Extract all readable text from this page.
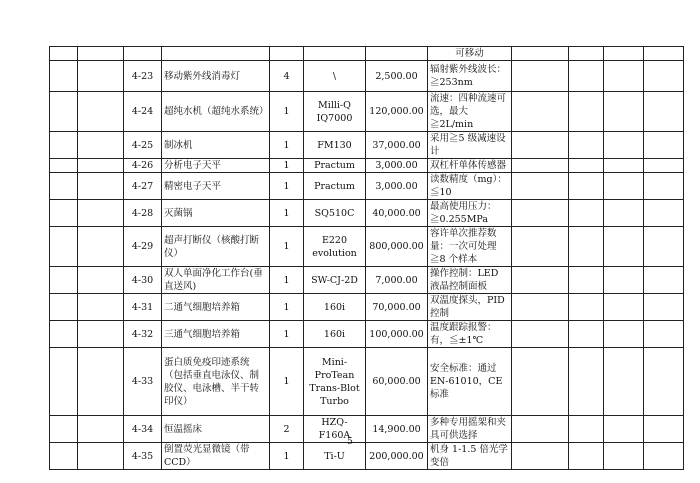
							可移动				
		4-23	移动紫外线消毒灯	4	\	2,500.00	辐射紫外线波长：≧253nm				
		4-24	超纯水机（超纯水系统）	1	Milli-Q IQ7000	120,000.00	流速：四种流速可选，最大≧2L/min				
		4-25	制冰机	1	FM130	37,000.00	采用≧5 级减速设计				
		4-26	分析电子天平	1	Practum	3,000.00	双杠杆单体传感器				
		4-27	精密电子天平	1	Practum	3,000.00	读数精度（mg）：≦10				
		4-28	灭菌锅	1	SQ510C	40,000.00	最高使用压力：≧0.255MPa				
		4-29	超声打断仪（核酸打断仪）	1	E220 evolution	800,000.00	容许单次推荐数量：一次可处理≧8 个样本				
		4-30	双人单面净化工作台(垂直送风)	1	SW-CJ-2D	7,000.00	操作控制：LED 液晶控制面板				
		4-31	二通气细胞培养箱	1	160i	70,000.00	双温度探头，PID 控制				
		4-32	三通气细胞培养箱	1	160i	100,000.00	温度跟踪报警：有，≦±1℃				
		4-33	蛋白质免疫印迹系统（包括垂直电泳仪、制胶仪、电泳槽、半干转印仪）	1	Mini-ProTean Trans-Blot Turbo	60,000.00	安全标准：通过 EN-61010，CE 标准				
		4-34	恒温摇床	2	HZQ-F160A	14,900.00	多种专用摇架和夹具可供选择				
		4-35	倒置荧光显微镜（带 CCD）	1	Ti-U	200,000.00	机身 1-1.5 倍光学变倍				
5
